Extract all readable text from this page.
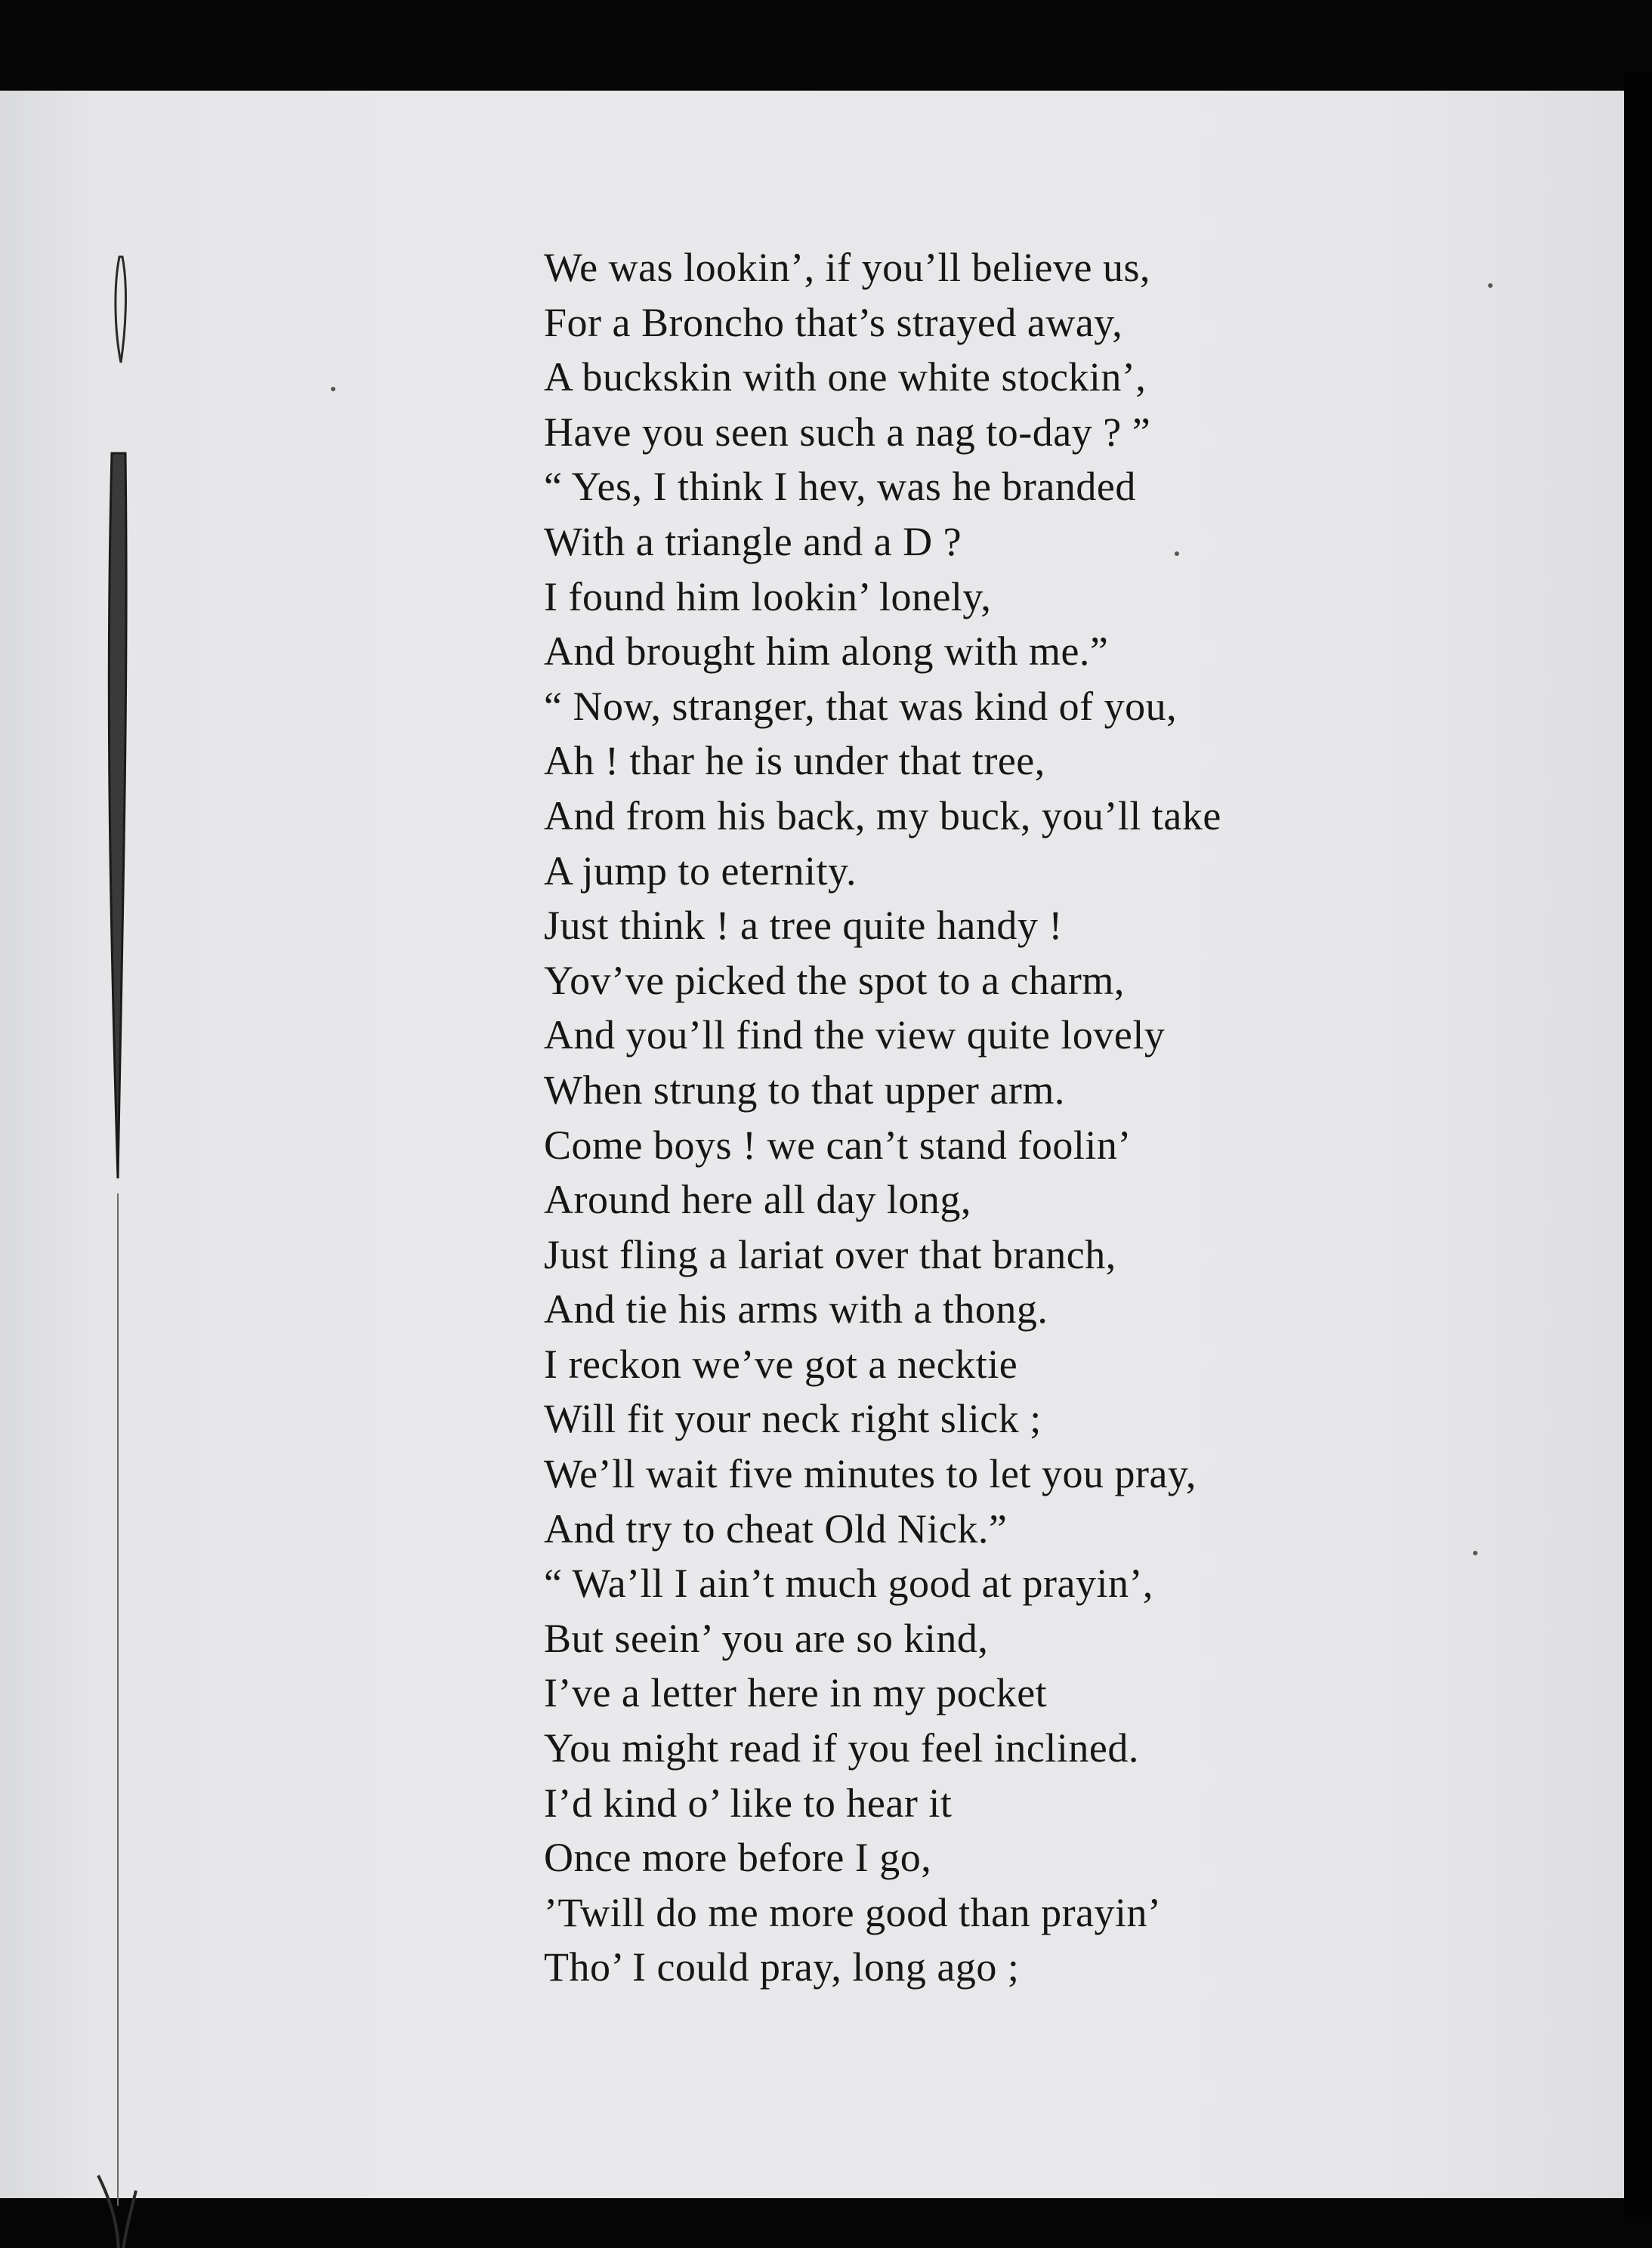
We was lookin’, if you’ll believe us,
For a Broncho that’s strayed away,
A buckskin with one white stockin’,
Have you seen such a nag to-day ? ”
“ Yes, I think I hev, was he branded
With a triangle and a D ?
I found him lookin’ lonely,
And brought him along with me.”
“ Now, stranger, that was kind of you,
Ah ! thar he is under that tree,
And from his back, my buck, you’ll take
A jump to eternity.
Just think ! a tree quite handy !
Yov’ve picked the spot to a charm,
And you’ll find the view quite lovely
When strung to that upper arm.
Come boys ! we can’t stand foolin’
Around here all day long,
Just fling a lariat over that branch,
And tie his arms with a thong.
I reckon we’ve got a necktie
Will fit your neck right slick ;
We’ll wait five minutes to let you pray,
And try to cheat Old Nick.”
“ Wa’ll I ain’t much good at prayin’,
But seein’ you are so kind,
I’ve a letter here in my pocket
You might read if you feel inclined.
I’d kind o’ like to hear it
Once more before I go,
’Twill do me more good than prayin’
Tho’ I could pray, long ago ;
